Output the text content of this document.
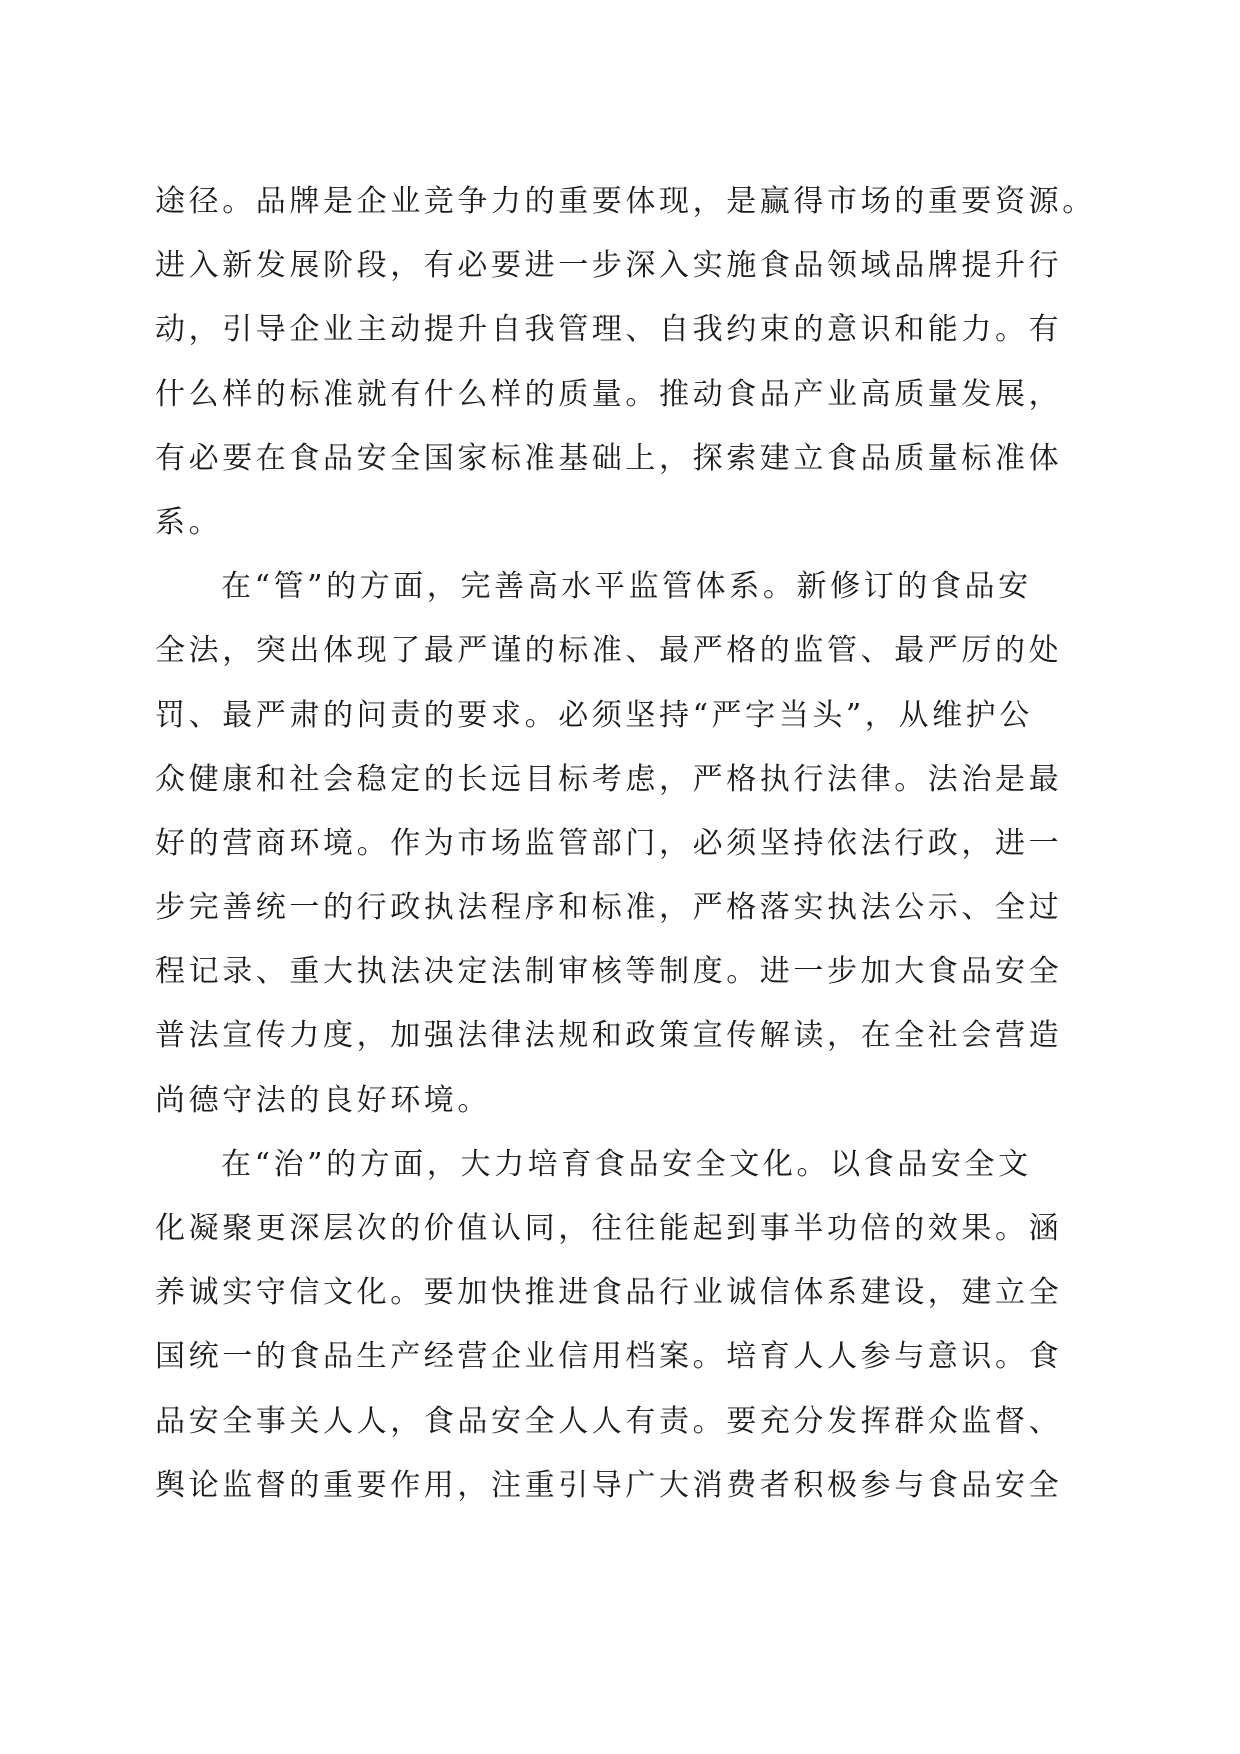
途径。品牌是企业竞争力的重要体现，是赢得市场的重要资源。
进入新发展阶段，有必要进一步深入实施食品领域品牌提升行
动，引导企业主动提升自我管理、自我约束的意识和能力。有
什么样的标准就有什么样的质量。推动食品产业高质量发展，
有必要在食品安全国家标准基础上，探索建立食品质量标准体
系。
在“管”的方面，完善高水平监管体系。新修订的食品安
全法，突出体现了最严谨的标准、最严格的监管、最严厉的处
罚、最严肃的问责的要求。必须坚持“严字当头”，从维护公
众健康和社会稳定的长远目标考虑，严格执行法律。法治是最
好的营商环境。作为市场监管部门，必须坚持依法行政，进一
步完善统一的行政执法程序和标准，严格落实执法公示、全过
程记录、重大执法决定法制审核等制度。进一步加大食品安全
普法宣传力度，加强法律法规和政策宣传解读，在全社会营造
尚德守法的良好环境。
在“治”的方面，大力培育食品安全文化。以食品安全文
化凝聚更深层次的价值认同，往往能起到事半功倍的效果。涵
养诚实守信文化。要加快推进食品行业诚信体系建设，建立全
国统一的食品生产经营企业信用档案。培育人人参与意识。食
品安全事关人人，食品安全人人有责。要充分发挥群众监督、
舆论监督的重要作用，注重引导广大消费者积极参与食品安全
